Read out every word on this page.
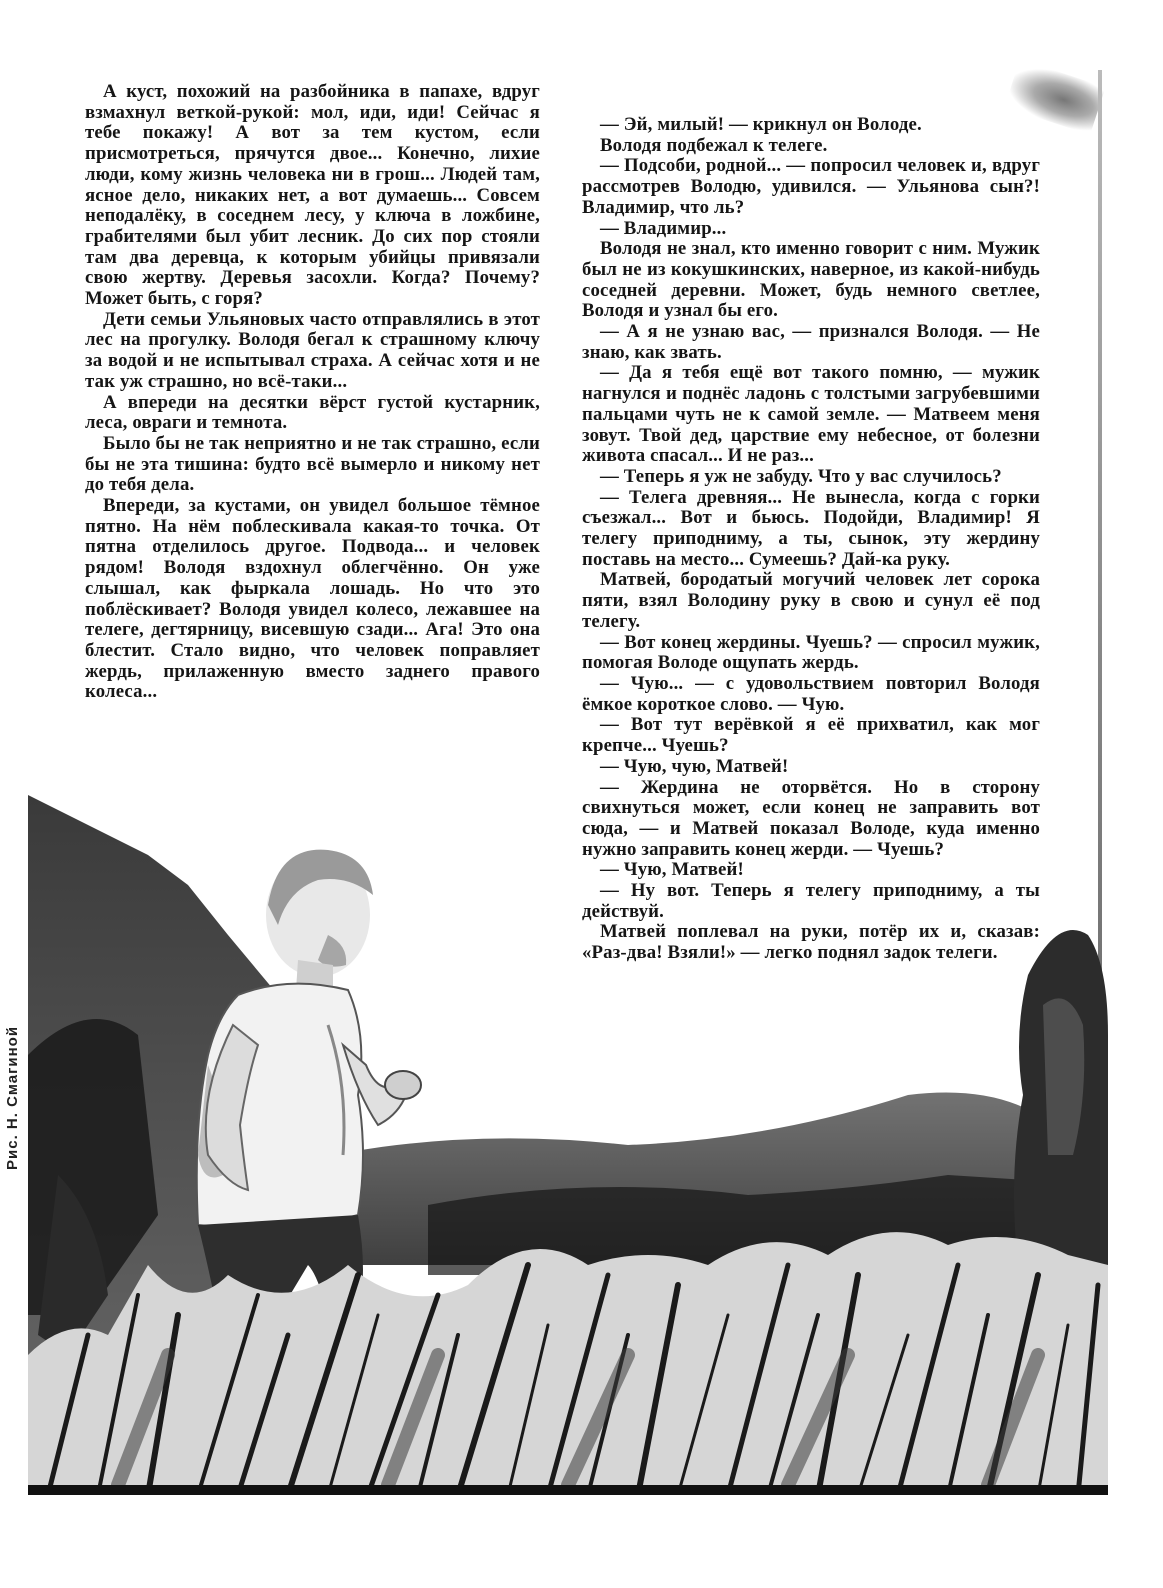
А куст, похожий на разбойника в папахе, вдруг взмахнул веткой-рукой: мол, иди, иди! Сейчас я тебе покажу! А вот за тем кустом, если присмотреться, прячутся двое... Конечно, лихие люди, кому жизнь человека ни в грош... Людей там, ясное дело, никаких нет, а вот думаешь... Совсем неподалёку, в соседнем лесу, у ключа в ложбине, грабителями был убит лесник. До сих пор стояли там два деревца, к которым убийцы привязали свою жертву. Деревья засохли. Когда? Почему? Может быть, с горя?

Дети семьи Ульяновых часто отправлялись в этот лес на прогулку. Володя бегал к страшному ключу за водой и не испытывал страха. А сейчас хотя и не так уж страшно, но всё-таки...

А впереди на десятки вёрст густой кустарник, леса, овраги и темнота.

Было бы не так неприятно и не так страшно, если бы не эта тишина: будто всё вымерло и никому нет до тебя дела.

Впереди, за кустами, он увидел большое тёмное пятно. На нём поблескивала какая-то точка. От пятна отделилось другое. Подвода... и человек рядом! Володя вздохнул облегчённо. Он уже слышал, как фыркала лошадь. Но что это поблёскивает? Володя увидел колесо, лежавшее на телеге, дегтярницу, висевшую сзади... Ага! Это она блестит. Стало видно, что человек поправляет жердь, прилаженную вместо заднего правого колеса...

— Эй, милый! — крикнул он Володе.

Володя подбежал к телеге.

— Подсоби, родной... — попросил человек и, вдруг рассмотрев Володю, удивился. — Ульянова сын?! Владимир, что ль?

— Владимир...

Володя не знал, кто именно говорит с ним. Мужик был не из кокушкинских, наверное, из какой-нибудь соседней деревни. Может, будь немного светлее, Володя и узнал бы его.

— А я не узнаю вас, — признался Володя. — Не знаю, как звать.

— Да я тебя ещё вот такого помню, — мужик нагнулся и поднёс ладонь с толстыми загрубевшими пальцами чуть не к самой земле. — Матвеем меня зовут. Твой дед, царствие ему небесное, от болезни живота спасал... И не раз...

— Теперь я уж не забуду. Что у вас случилось?

— Телега древняя... Не вынесла, когда с горки съезжал... Вот и бьюсь. Подойди, Владимир! Я телегу приподниму, а ты, сынок, эту жердину поставь на место... Сумеешь? Дай-ка руку.

Матвей, бородатый могучий человек лет сорока пяти, взял Володину руку в свою и сунул её под телегу.

— Вот конец жердины. Чуешь? — спросил мужик, помогая Володе ощупать жердь.

— Чую... — с удовольствием повторил Володя ёмкое короткое слово. — Чую.

— Вот тут верёвкой я её прихватил, как мог крепче... Чуешь?

— Чую, чую, Матвей!

— Жердина не оторвётся. Но в сторону свихнуться может, если конец не заправить вот сюда, — и Матвей показал Володе, куда именно нужно заправить конец жерди. — Чуешь?

— Чую, Матвей!

— Ну вот. Теперь я телегу приподниму, а ты действуй.

Матвей поплевал на руки, потёр их и, сказав: «Раз-два! Взяли!» — легко поднял задок телеги.

Рис. Н. Смагиной
